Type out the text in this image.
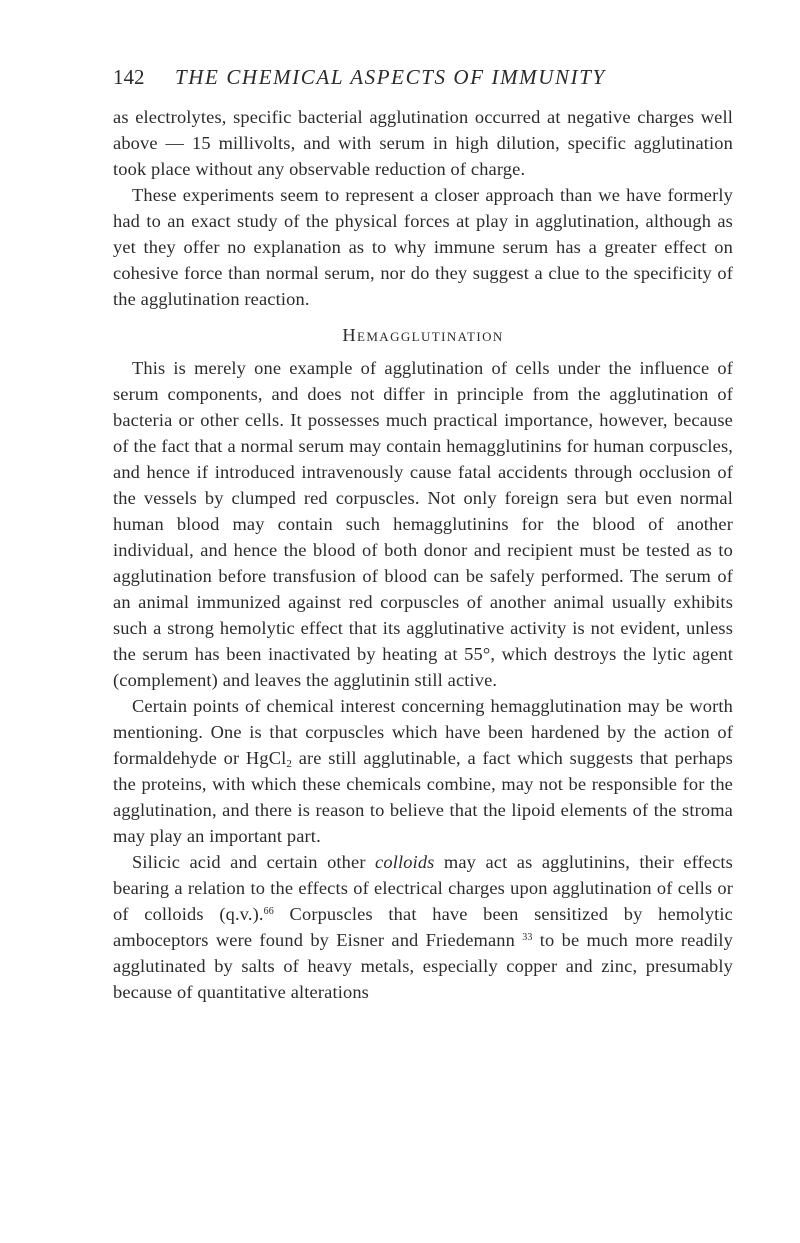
142 THE CHEMICAL ASPECTS OF IMMUNITY

as electrolytes, specific bacterial agglutination occurred at negative charges well above — 15 millivolts, and with serum in high dilution, specific agglutination took place without any observable reduction of charge.

These experiments seem to represent a closer approach than we have formerly had to an exact study of the physical forces at play in agglutination, although as yet they offer no explanation as to why immune serum has a greater effect on cohesive force than normal serum, nor do they suggest a clue to the specificity of the agglutination reaction.

Hemagglutination

This is merely one example of agglutination of cells under the influence of serum components, and does not differ in principle from the agglutination of bacteria or other cells. It possesses much practical importance, however, because of the fact that a normal serum may contain hemagglutinins for human corpuscles, and hence if introduced intravenously cause fatal accidents through occlusion of the vessels by clumped red corpuscles. Not only foreign sera but even normal human blood may contain such hemagglutinins for the blood of another individual, and hence the blood of both donor and recipient must be tested as to agglutination before transfusion of blood can be safely performed. The serum of an animal immunized against red corpuscles of another animal usually exhibits such a strong hemolytic effect that its agglutinative activity is not evident, unless the serum has been inactivated by heating at 55°, which destroys the lytic agent (complement) and leaves the agglutinin still active.

Certain points of chemical interest concerning hemagglutination may be worth mentioning. One is that corpuscles which have been hardened by the action of formaldehyde or HgCl$_2$ are still agglutinable, a fact which suggests that perhaps the proteins, with which these chemicals combine, may not be responsible for the agglutination, and there is reason to believe that the lipoid elements of the stroma may play an important part.

Silicic acid and certain other colloids may act as agglutinins, their effects bearing a relation to the effects of electrical charges upon agglutination of cells or of colloids (q.v.).$^{66}$ Corpuscles that have been sensitized by hemolytic amboceptors were found by Eisner and Friedemann $^{33}$ to be much more readily agglutinated by salts of heavy metals, especially copper and zinc, presumably because of quantitative alterations
